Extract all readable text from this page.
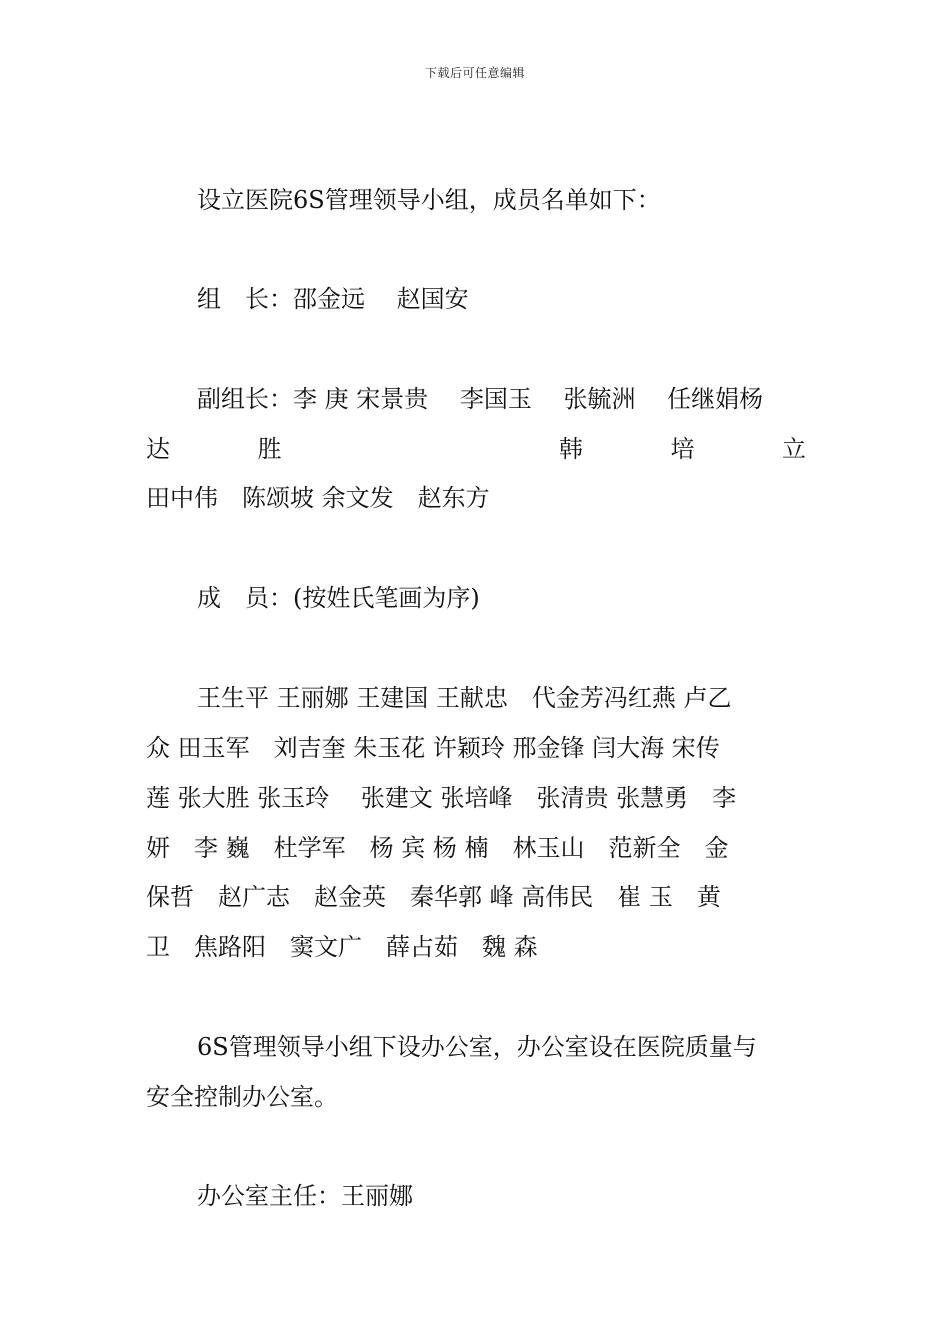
下载后可任意编辑
设立医院6S管理领导小组，成员名单如下：
组　长：邵金远　 赵国安
副组长：李 庚 宋景贵　 李国玉　 张毓洲　 任继娟杨
达	胜	韩	培	立
田中伟　陈颂坡 余文发　赵东方
成　员：(按姓氏笔画为序)
王生平 王丽娜 王建国 王献忠　代金芳冯红燕 卢乙
众 田玉军　刘吉奎 朱玉花 许颖玲 邢金锋 闫大海 宋传
莲 张大胜 张玉玲　 张建文 张培峰　张清贵 张慧勇　李
妍　李 巍　杜学军　杨 宾 杨 楠　林玉山　范新全　金
保哲　赵广志　赵金英　秦华郭 峰 高伟民　崔 玉　黄
卫　焦路阳　窦文广　薛占茹　魏 森
6S管理领导小组下设办公室，办公室设在医院质量与
安全控制办公室。
办公室主任：王丽娜
